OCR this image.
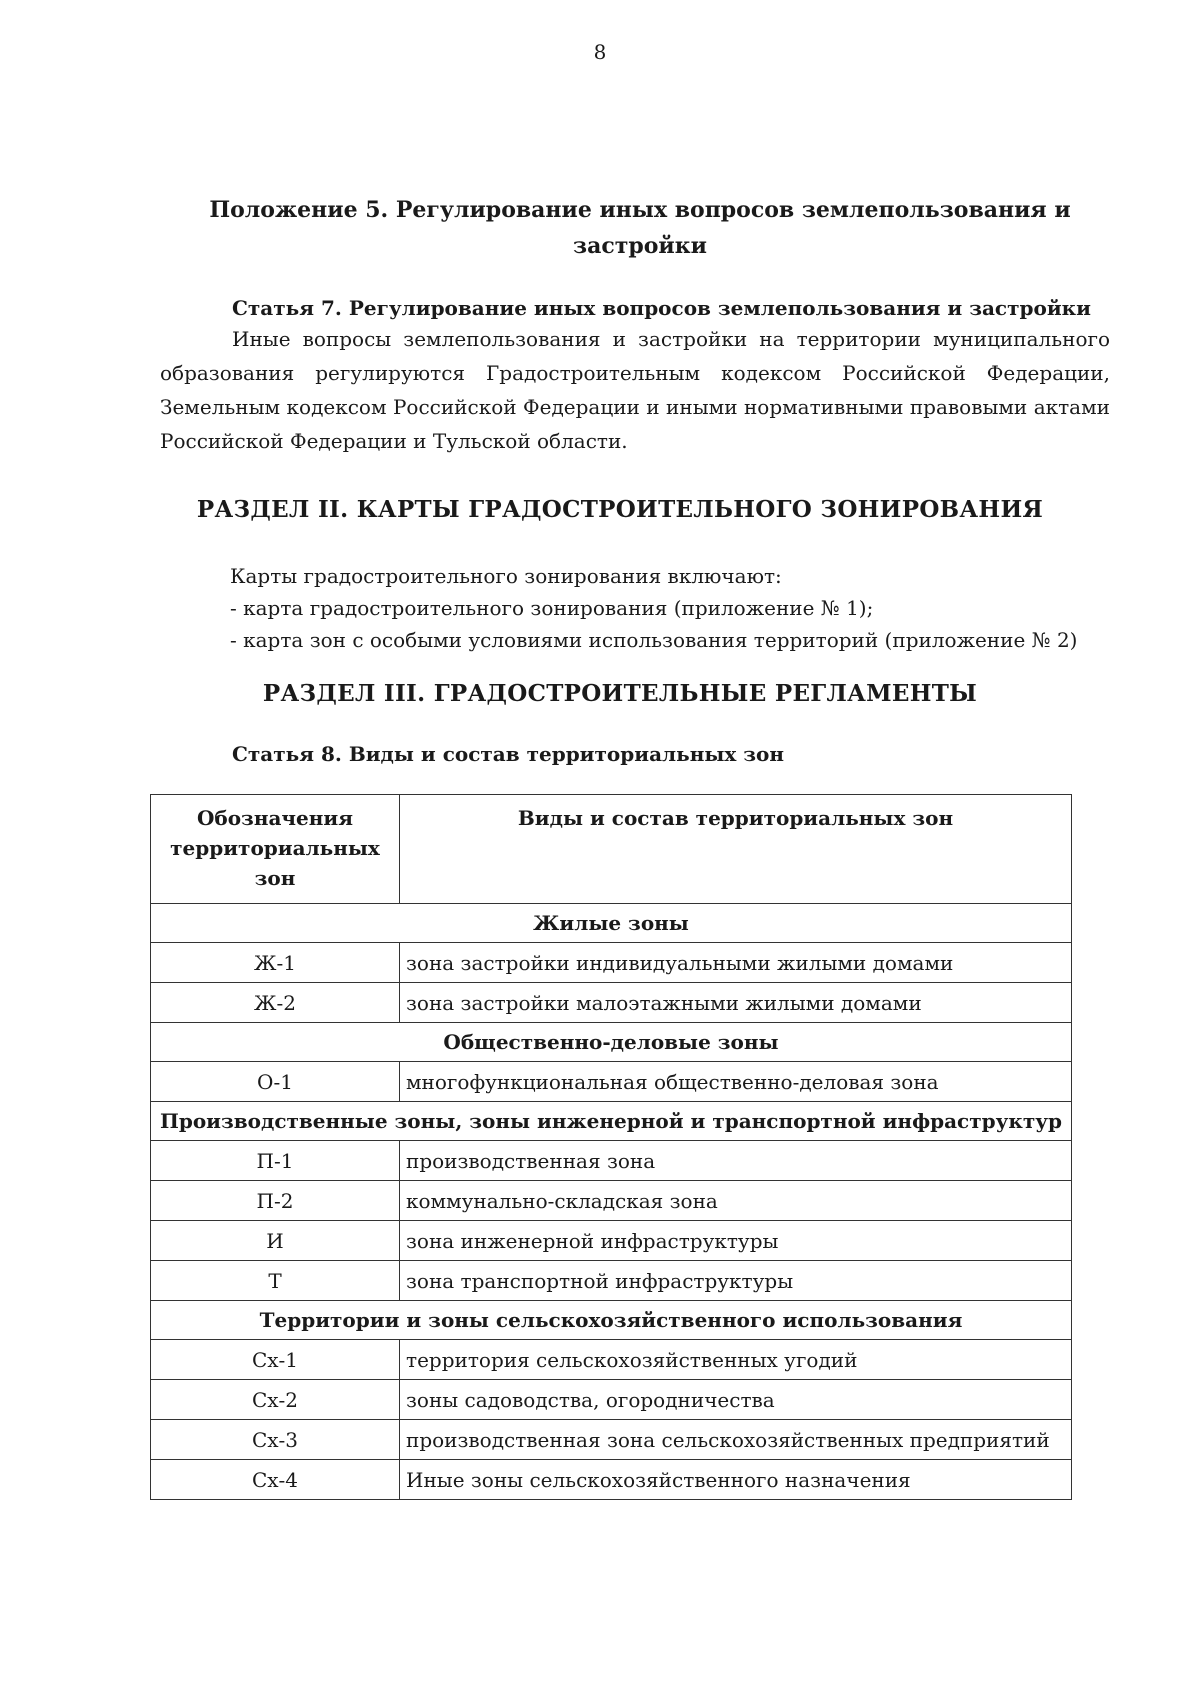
8
Положение 5. Регулирование иных вопросов землепользования и застройки
Статья 7. Регулирование иных вопросов землепользования и застройки

Иные вопросы землепользования и застройки на территории муниципального образования регулируются Градостроительным кодексом Российской Федерации, Земельным кодексом Российской Федерации и иными нормативными правовыми актами Российской Федерации и Тульской области.

РАЗДЕЛ II. КАРТЫ ГРАДОСТРОИТЕЛЬНОГО ЗОНИРОВАНИЯ
Карты градостроительного зонирования включают:
- карта градостроительного зонирования (приложение № 1);
- карта зон с особыми условиями использования территорий (приложение № 2)
РАЗДЕЛ III. ГРАДОСТРОИТЕЛЬНЫЕ РЕГЛАМЕНТЫ
Статья 8. Виды и состав территориальных зон
Обозначения территориальных зон	Виды и состав территориальных зон
Жилые зоны	
Ж-1	зона застройки индивидуальными жилыми домами
Ж-2	зона застройки малоэтажными жилыми домами
Общественно-деловые зоны	
О-1	многофункциональная общественно-деловая зона
Производственные зоны, зоны инженерной и транспортной инфраструктур	
П-1	производственная зона
П-2	коммунально-складская зона
И	зона инженерной инфраструктуры
Т	зона транспортной инфраструктуры
Территории и зоны сельскохозяйственного использования	
Сх-1	территория сельскохозяйственных угодий
Сх-2	зоны садоводства, огородничества
Сх-3	производственная зона сельскохозяйственных предприятий
Сх-4	Иные зоны сельскохозяйственного назначения
